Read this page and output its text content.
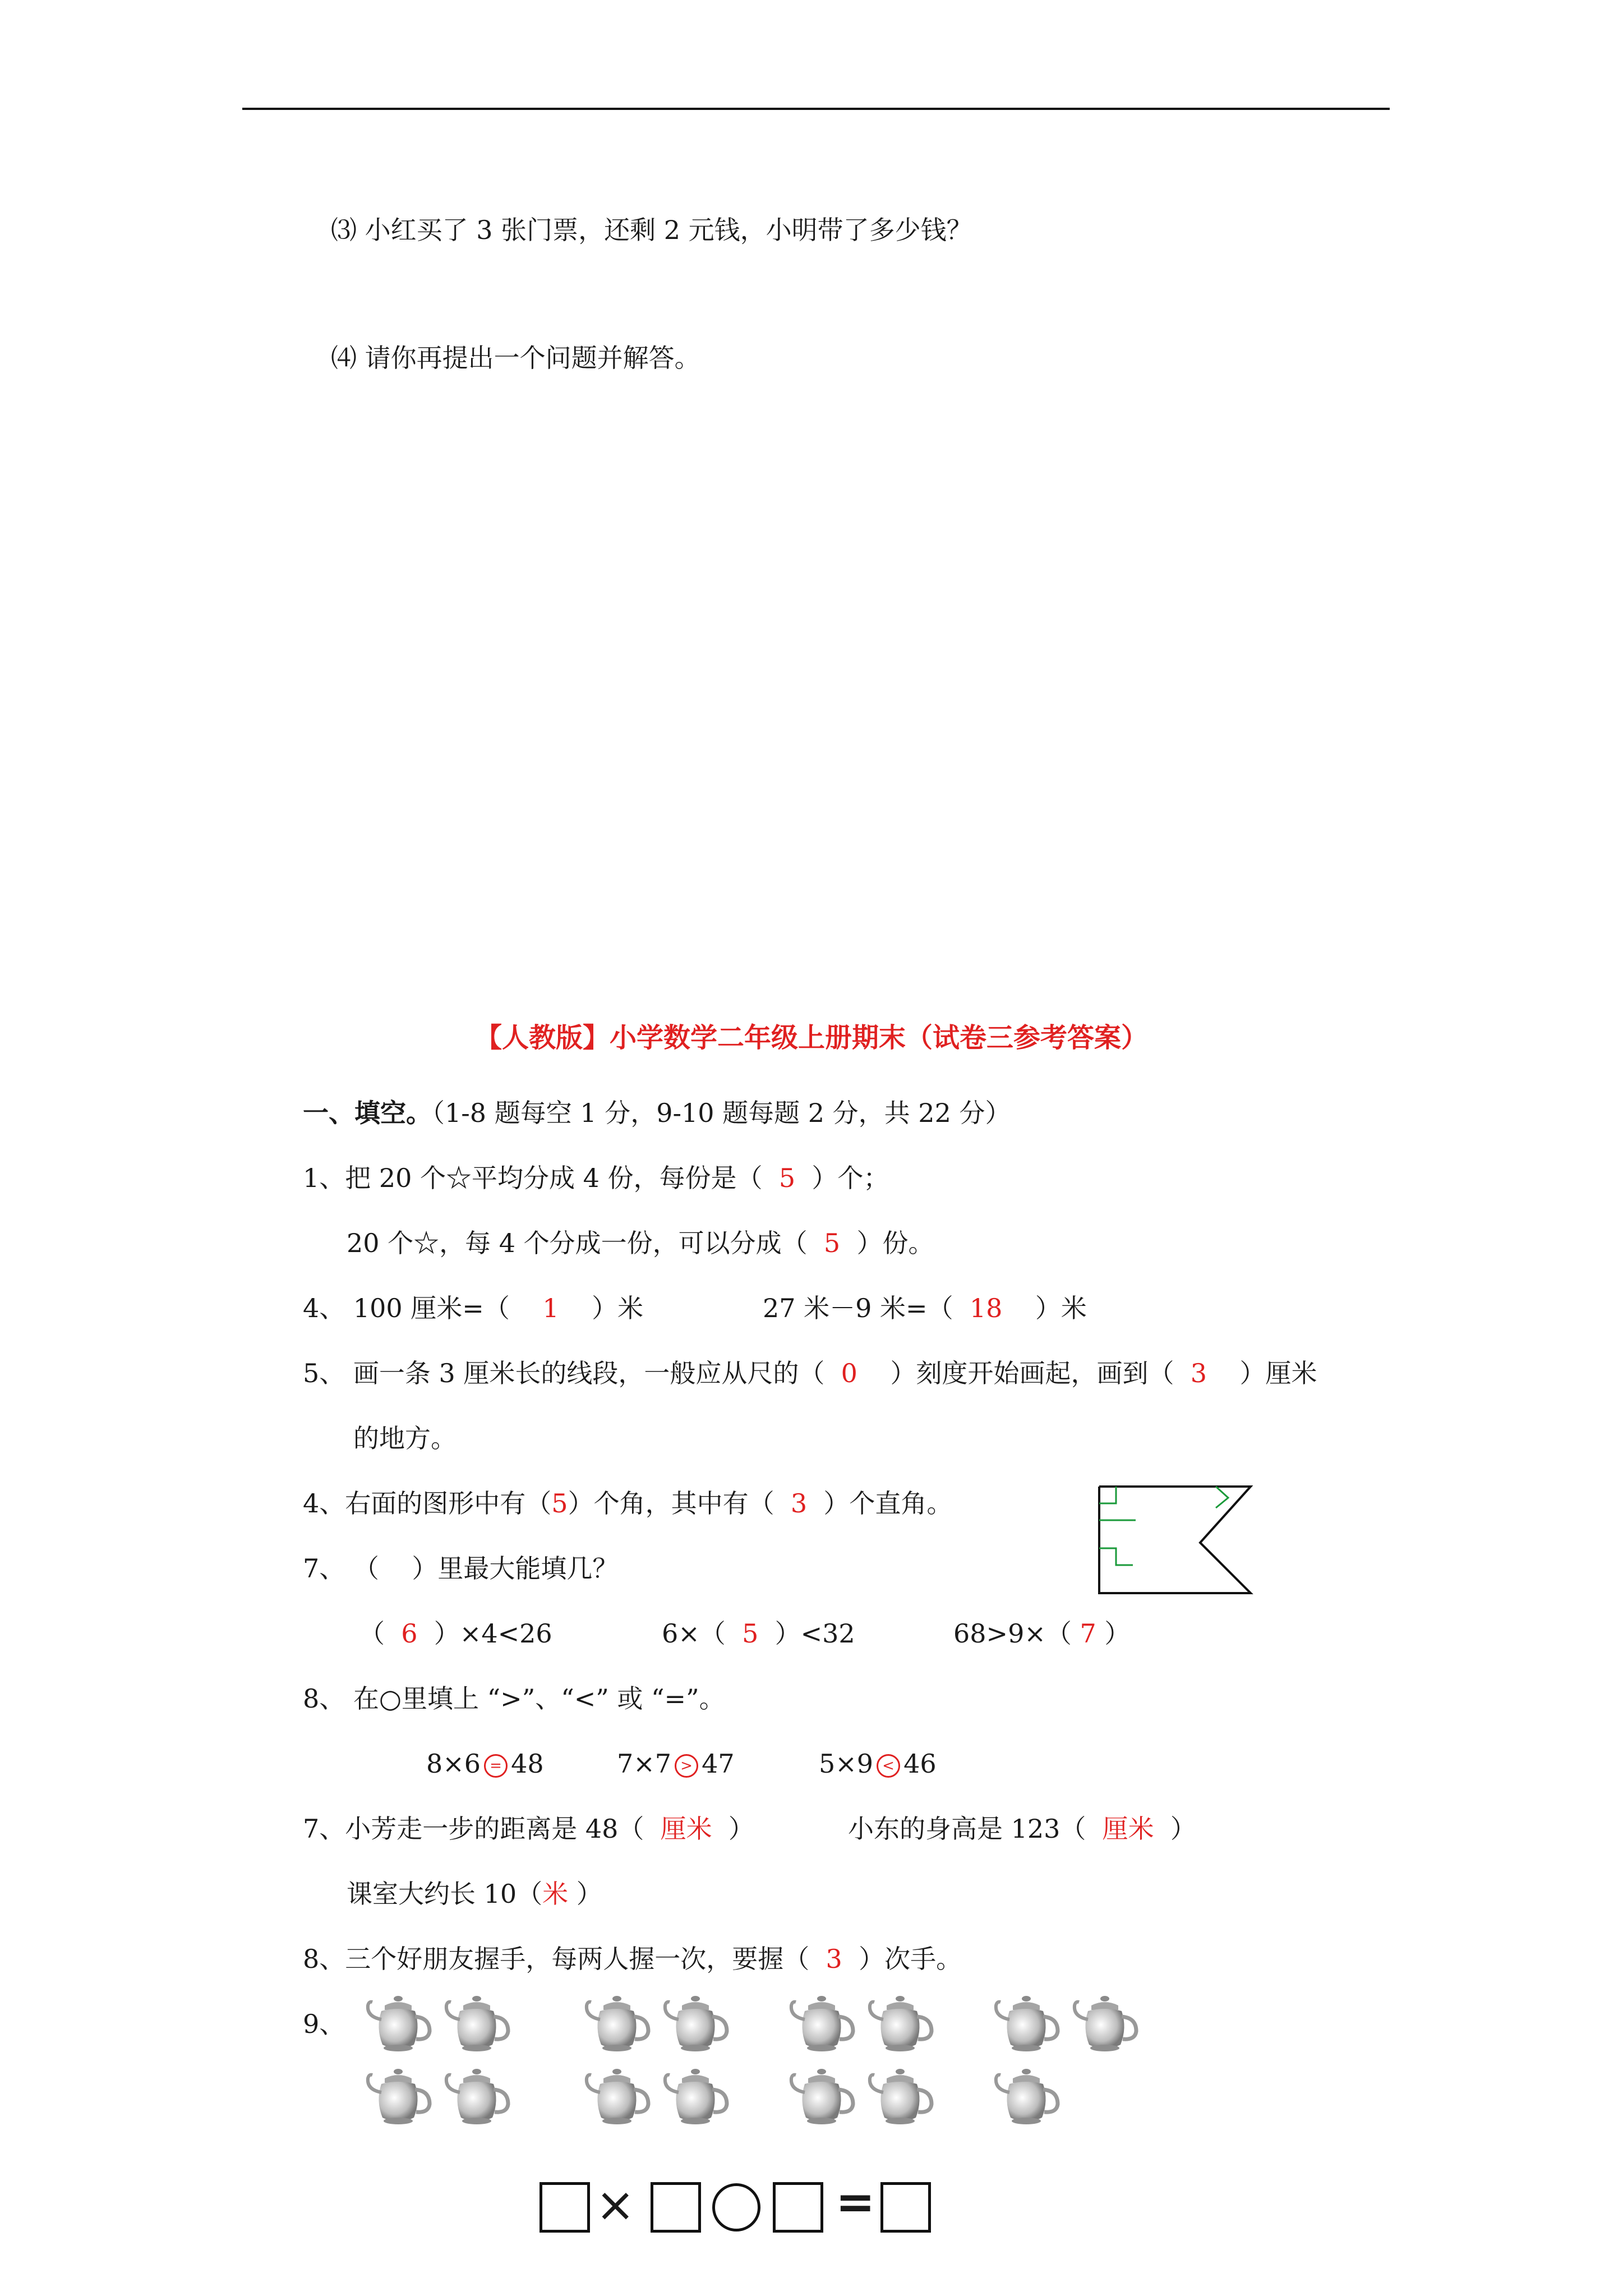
⑶ 小红买了 3 张门票，还剩 2 元钱，小明带了多少钱？
⑷ 请你再提出一个问题并解答。
【人教版】小学数学二年级上册期末（试卷三参考答案）
一、填空。（1-8 题每空 1 分，9-10 题每题 2 分，共 22 分）
1、把 20 个☆平均分成 4 份，每份是（ 5 ）个；
20 个☆，每 4 个分成一份，可以分成（ 5 ）份。
4、 100 厘米=（ 1 ）米	27 米－9 米=（ 18 ）米
5、 画一条 3 厘米长的线段，一般应从尺的（ 0 ）刻度开始画起，画到（ 3 ）厘米
的地方。
4、右面的图形中有（5）个角，其中有（ 3 ）个直角。
7、 （    ）里最大能填几？
（ 6 ）×4<26	6×（ 5 ）<32	68>9×（ 7 ）
8、 在○里填上 “>”、“<” 或 “=”。
8×6 = 48	7×7 > 47	5×9 < 46
7、小芳走一步的距离是 48（ 厘米 ）	小东的身高是 123（ 厘米 ）
课室大约长 10（米 ）
8、三个好朋友握手，每两人握一次，要握（ 3 ）次手。
9、
×	=
